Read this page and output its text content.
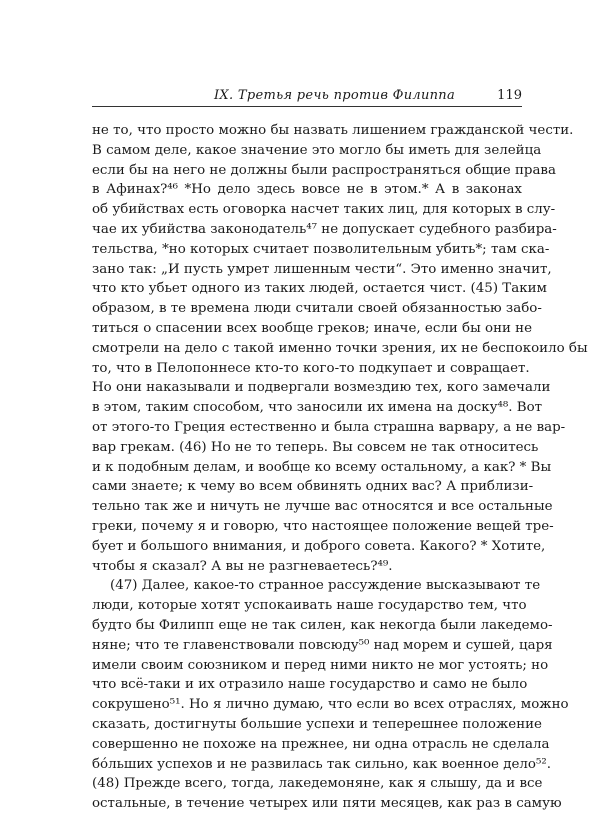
IX. Третья речь против Филиппа	119
не то, что просто можно бы назвать лишением гражданской чести.
В самом деле, какое значение это могло бы иметь для зелейца
если бы на него не должны были распространяться общие права
в Афинах?⁴⁶ *Но дело здесь вовсе не в этом.* А в законах
об убийствах есть оговорка насчет таких лиц, для которых в слу-
чае их убийства законодатель⁴⁷ не допускает судебного разбира-
тельства, *но которых считает позволительным убить*; там ска-
зано так: „И пусть умрет лишенным чести“. Это именно значит,
что кто убьет одного из таких людей, остается чист. (45) Таким
образом, в те времена люди считали своей обязанностью забо-
титься о спасении всех вообще греков; иначе, если бы они не
смотрели на дело с такой именно точки зрения, их не беспокоило бы
то, что в Пелопоннесе кто-то кого-то подкупает и совращает.
Но они наказывали и подвергали возмездию тех, кого замечали
в этом, таким способом, что заносили их имена на доску⁴⁸. Вот
от этого-то Греция естественно и была страшна варвару, а не вар-
вар грекам. (46) Но не то теперь. Вы совсем не так относитесь
и к подобным делам, и вообще ко всему остальному, а как? * Вы
сами знаете; к чему во всем обвинять одних вас? А приблизи-
тельно так же и ничуть не лучше вас относятся и все остальные
греки, почему я и говорю, что настоящее положение вещей тре-
бует и большого внимания, и доброго совета. Какого? * Хотите,
чтобы я сказал? А вы не разгневаетесь?⁴⁹.
(47) Далее, какое-то странное рассуждение высказывают те
люди, которые хотят успокаивать наше государство тем, что
будто бы Филипп еще не так силен, как некогда были лакедемо-
няне; что те главенствовали повсюду⁵⁰ над морем и сушей, царя
имели своим союзником и перед ними никто не мог устоять; но
что всё-таки и их отразило наше государство и само не было
сокрушено⁵¹. Но я лично думаю, что если во всех отраслях, можно
сказать, достигнуты большие успехи и теперешнее положение
совершенно не похоже на прежнее, ни одна отрасль не сделала
бóльших успехов и не развилась так сильно, как военное дело⁵².
(48) Прежде всего, тогда, лакедемоняне, как я слышу, да и все
остальные, в течение четырех или пяти месяцев, как раз в самую
